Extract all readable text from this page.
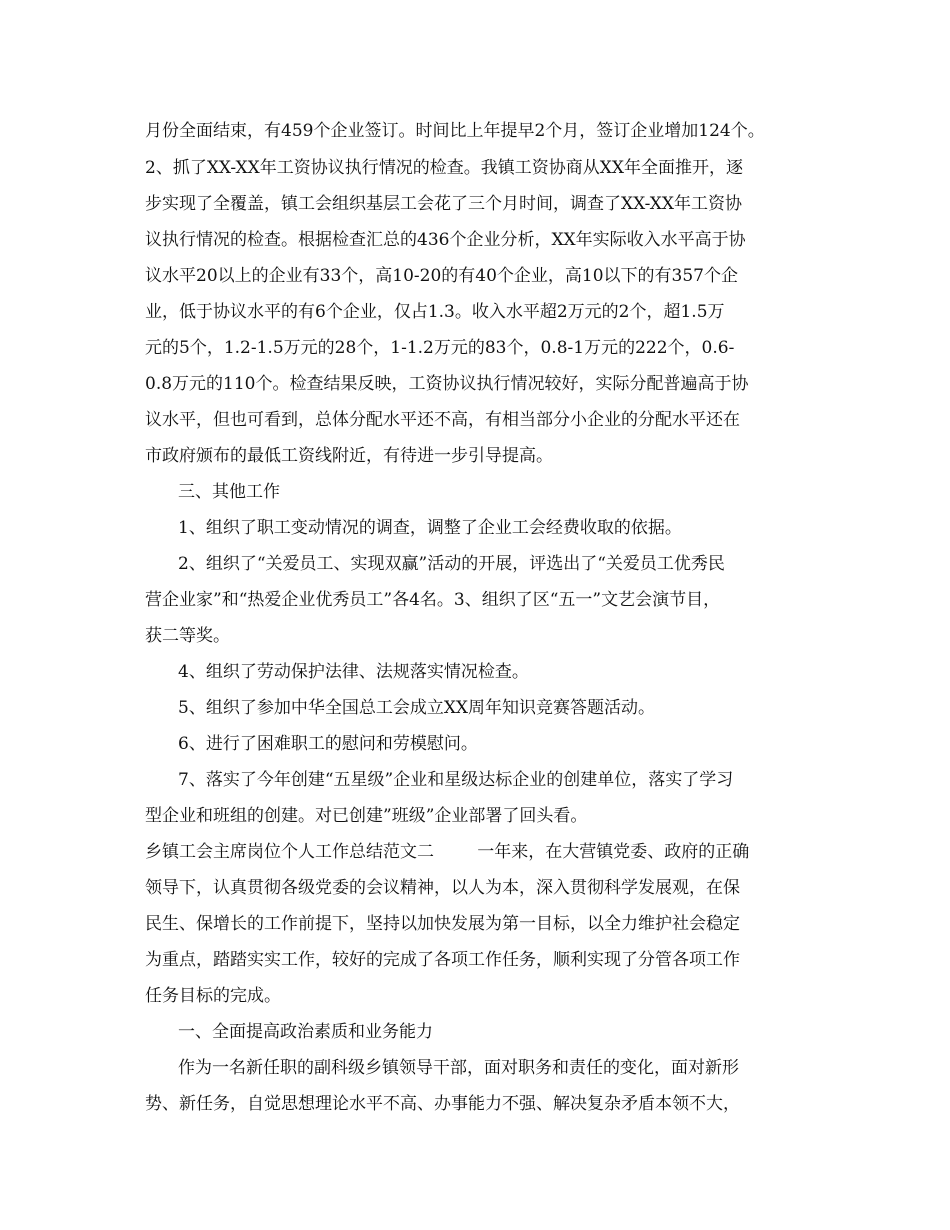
月份全面结束，有459个企业签订。时间比上年提早2个月，签订企业增加124个。
2、抓了XX-XX年工资协议执行情况的检查。我镇工资协商从XX年全面推开，逐
步实现了全覆盖，镇工会组织基层工会花了三个月时间，调查了XX-XX年工资协
议执行情况的检查。根据检查汇总的436个企业分析，XX年实际收入水平高于协
议水平20以上的企业有33个，高10-20的有40个企业，高10以下的有357个企
业，低于协议水平的有6个企业，仅占1.3。收入水平超2万元的2个，超1.5万
元的5个，1.2-1.5万元的28个，1-1.2万元的83个，0.8-1万元的222个，0.6-
0.8万元的110个。检查结果反映，工资协议执行情况较好，实际分配普遍高于协
议水平，但也可看到，总体分配水平还不高，有相当部分小企业的分配水平还在
市政府颁布的最低工资线附近，有待进一步引导提高。
三、其他工作
1、组织了职工变动情况的调查，调整了企业工会经费收取的依据。
2、组织了“关爱员工、实现双赢”活动的开展，评选出了“关爱员工优秀民
营企业家”和“热爱企业优秀员工”各4名。3、组织了区“五一”文艺会演节目，
获二等奖。
4、组织了劳动保护法律、法规落实情况检查。
5、组织了参加中华全国总工会成立XX周年知识竞赛答题活动。
6、进行了困难职工的慰问和劳模慰问。
7、落实了今年创建“五星级”企业和星级达标企业的创建单位，落实了学习
型企业和班组的创建。对已创建”班级”企业部署了回头看。
乡镇工会主席岗位个人工作总结范文二        一年来，在大营镇党委、政府的正确
领导下，认真贯彻各级党委的会议精神，以人为本，深入贯彻科学发展观，在保
民生、保增长的工作前提下，坚持以加快发展为第一目标，以全力维护社会稳定
为重点，踏踏实实工作，较好的完成了各项工作任务，顺利实现了分管各项工作
任务目标的完成。
一、全面提高政治素质和业务能力
作为一名新任职的副科级乡镇领导干部，面对职务和责任的变化，面对新形
势、新任务，自觉思想理论水平不高、办事能力不强、解决复杂矛盾本领不大，
